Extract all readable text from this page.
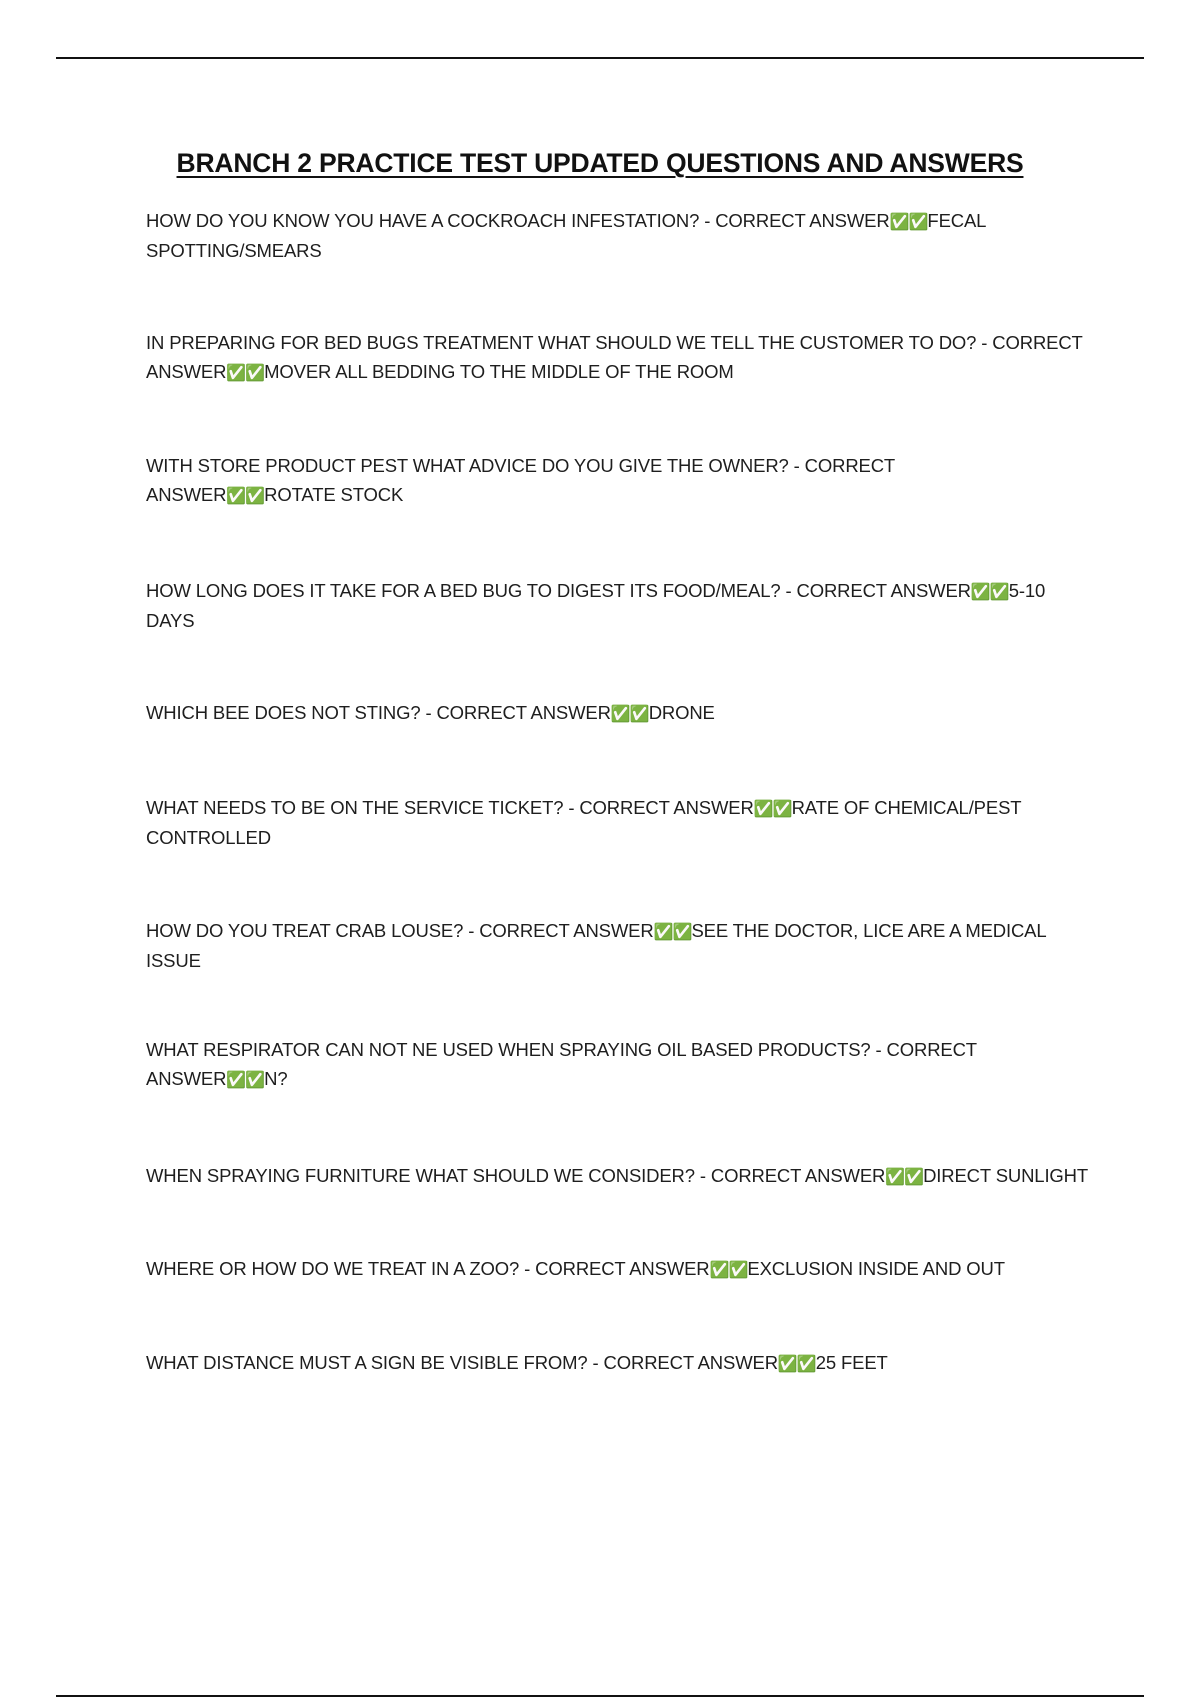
BRANCH 2 PRACTICE TEST UPDATED QUESTIONS AND ANSWERS
HOW DO YOU KNOW YOU HAVE A COCKROACH INFESTATION? - CORRECT ANSWER✅✅FECAL SPOTTING/SMEARS
IN PREPARING FOR BED BUGS TREATMENT WHAT SHOULD WE TELL THE CUSTOMER TO DO? - CORRECT ANSWER✅✅MOVER ALL BEDDING TO THE MIDDLE OF THE ROOM
WITH STORE PRODUCT PEST WHAT ADVICE DO YOU GIVE THE OWNER? - CORRECT ANSWER✅✅ROTATE STOCK
HOW LONG DOES IT TAKE FOR A BED BUG TO DIGEST ITS FOOD/MEAL? - CORRECT ANSWER✅✅5-10 DAYS
WHICH BEE DOES NOT STING? - CORRECT ANSWER✅✅DRONE
WHAT NEEDS TO BE ON THE SERVICE TICKET? - CORRECT ANSWER✅✅RATE OF CHEMICAL/PEST CONTROLLED
HOW DO YOU TREAT CRAB LOUSE? - CORRECT ANSWER✅✅SEE THE DOCTOR, LICE ARE A MEDICAL ISSUE
WHAT RESPIRATOR CAN NOT NE USED WHEN SPRAYING OIL BASED PRODUCTS? - CORRECT ANSWER✅✅N?
WHEN SPRAYING FURNITURE WHAT SHOULD WE CONSIDER? - CORRECT ANSWER✅✅DIRECT SUNLIGHT
WHERE OR HOW DO WE TREAT IN A ZOO? - CORRECT ANSWER✅✅EXCLUSION INSIDE AND OUT
WHAT DISTANCE MUST A SIGN BE VISIBLE FROM? - CORRECT ANSWER✅✅25 FEET
